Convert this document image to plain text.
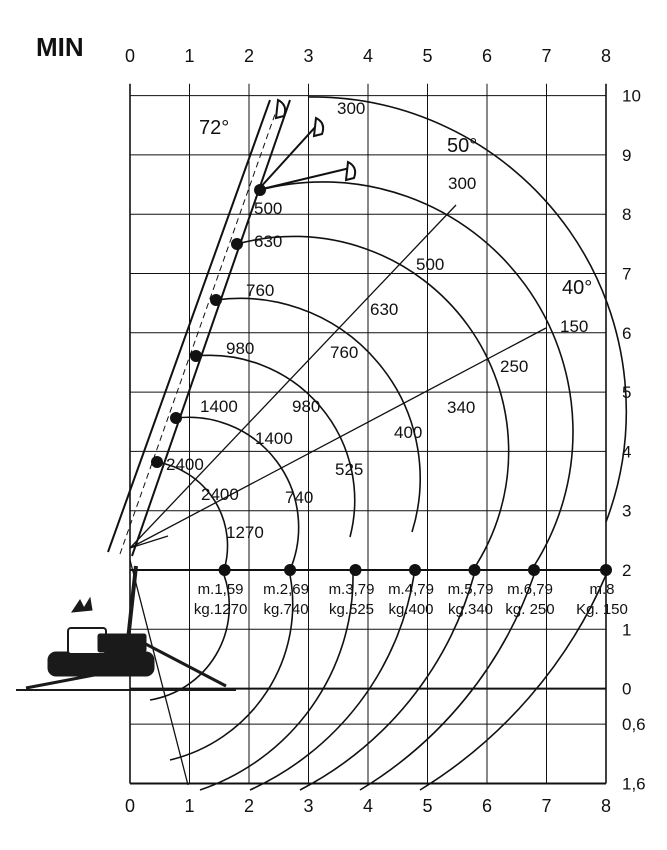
MIN 0	1	2	3	4	5	6	7	8
0	1	2	3	4	5	6	7	8
10
9
8
7
6
5
4
3
2
1
0
0,6
1,6
72°
50°
40°
500
630
760
980
1400
2400
300
300
500
630
760
980
1400
2400
150
250
340
400
525
740
1270
m.1,59
kg.1270
m.2,69
kg.740
m.3,79
kg.525
m.4,79
kg.400
m.5,79
kg.340
m.6,79
kg. 250
m.8
Kg. 150
